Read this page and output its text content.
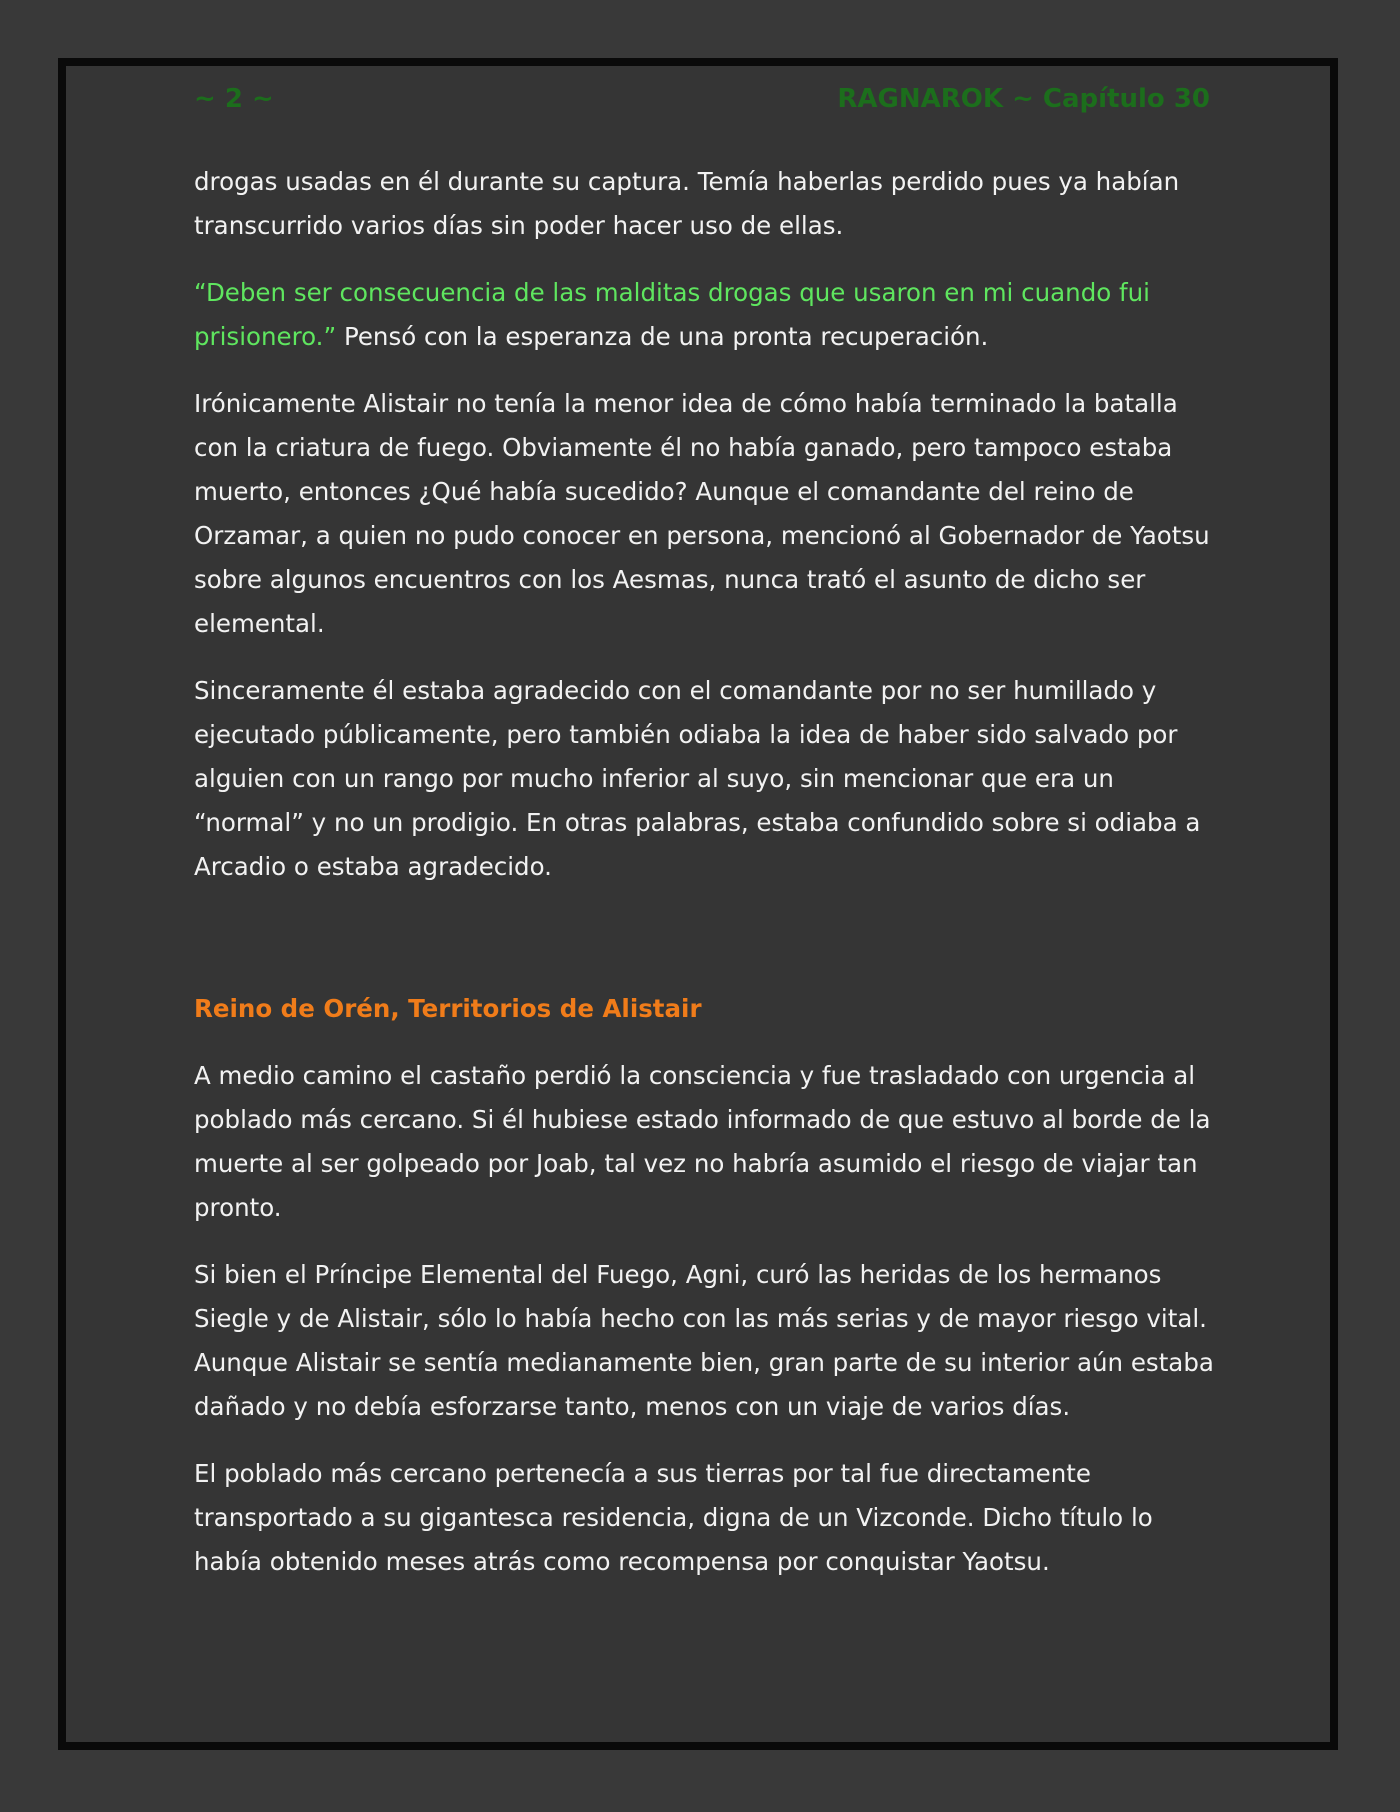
~ 2 ~	RAGNAROK ~ Capítulo 30

drogas usadas en él durante su captura. Temía haberlas perdido pues ya habían transcurrido varios días sin poder hacer uso de ellas.

“Deben ser consecuencia de las malditas drogas que usaron en mi cuando fui prisionero.” Pensó con la esperanza de una pronta recuperación.

Irónicamente Alistair no tenía la menor idea de cómo había terminado la batalla con la criatura de fuego. Obviamente él no había ganado, pero tampoco estaba muerto, entonces ¿Qué había sucedido? Aunque el comandante del reino de Orzamar, a quien no pudo conocer en persona, mencionó al Gobernador de Yaotsu sobre algunos encuentros con los Aesmas, nunca trató el asunto de dicho ser elemental.

Sinceramente él estaba agradecido con el comandante por no ser humillado y ejecutado públicamente, pero también odiaba la idea de haber sido salvado por alguien con un rango por mucho inferior al suyo, sin mencionar que era un “normal” y no un prodigio. En otras palabras, estaba confundido sobre si odiaba a Arcadio o estaba agradecido.

Reino de Orén, Territorios de Alistair

A medio camino el castaño perdió la consciencia y fue trasladado con urgencia al poblado más cercano. Si él hubiese estado informado de que estuvo al borde de la muerte al ser golpeado por Joab, tal vez no habría asumido el riesgo de viajar tan pronto.

Si bien el Príncipe Elemental del Fuego, Agni, curó las heridas de los hermanos Siegle y de Alistair, sólo lo había hecho con las más serias y de mayor riesgo vital. Aunque Alistair se sentía medianamente bien, gran parte de su interior aún estaba dañado y no debía esforzarse tanto, menos con un viaje de varios días.

El poblado más cercano pertenecía a sus tierras por tal fue directamente transportado a su gigantesca residencia, digna de un Vizconde. Dicho título lo había obtenido meses atrás como recompensa por conquistar Yaotsu.
